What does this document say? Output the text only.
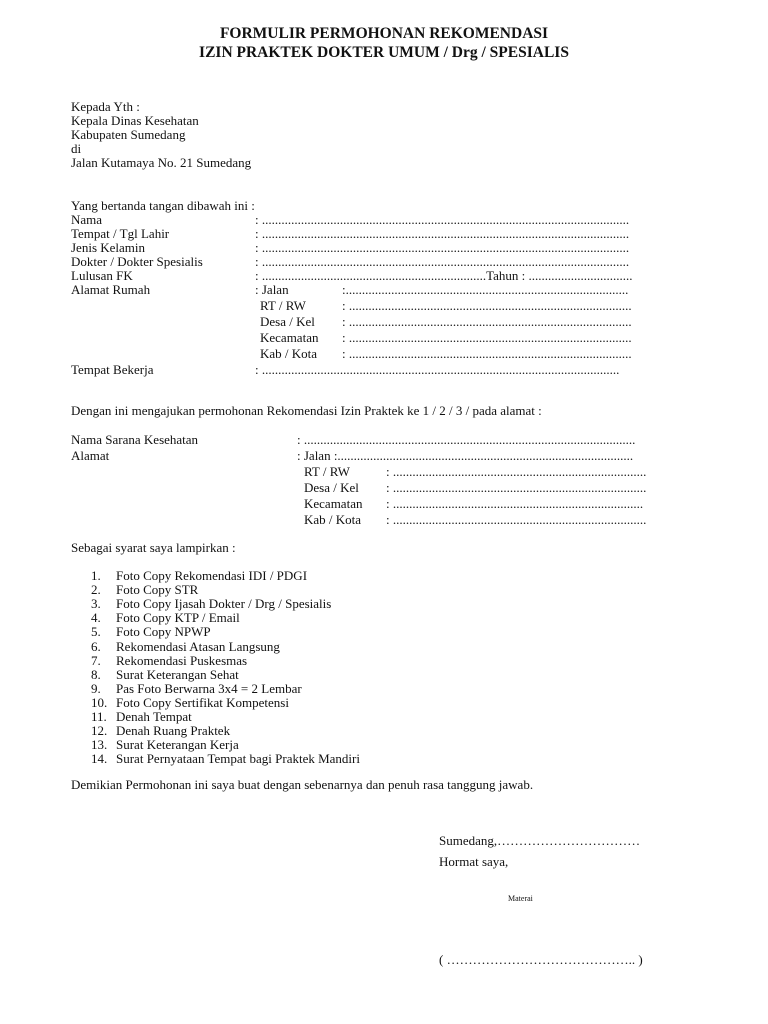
FORMULIR PERMOHONAN REKOMENDASI
IZIN PRAKTEK DOKTER UMUM / Drg / SPESIALIS
Kepada Yth :
Kepala Dinas Kesehatan
Kabupaten Sumedang
di
Jalan Kutamaya No. 21 Sumedang
Yang bertanda tangan dibawah ini :
Nama	: .................................................................................................................
Tempat / Tgl Lahir	: .................................................................................................................
Jenis Kelamin	: .................................................................................................................
Dokter / Dokter Spesialis	: .................................................................................................................
Lulusan FK	: .....................................................................Tahun : ................................
Alamat Rumah	: Jalan	:.......................................................................................
RT / RW	: .......................................................................................
Desa / Kel : .......................................................................................
Kecamatan : .......................................................................................
Kab / Kota : .......................................................................................
Tempat Bekerja	: ..............................................................................................................
Dengan ini mengajukan permohonan Rekomendasi Izin Praktek ke 1 / 2 / 3 / pada alamat :
Nama Sarana Kesehatan	: ......................................................................................................
Alamat	: Jalan :...........................................................................................
RT / RW	: ..............................................................................
Desa / Kel : ..............................................................................
Kecamatan : .............................................................................
Kab / Kota : ..............................................................................
Sebagai syarat saya lampirkan :
1. Foto Copy Rekomendasi IDI / PDGI
2. Foto Copy STR
3. Foto Copy Ijasah Dokter / Drg / Spesialis
4. Foto Copy KTP / Email
5. Foto Copy NPWP
6. Rekomendasi Atasan Langsung
7. Rekomendasi Puskesmas
8. Surat Keterangan Sehat
9. Pas Foto Berwarna 3x4 = 2 Lembar
10. Foto Copy Sertifikat Kompetensi
11. Denah Tempat
12. Denah Ruang Praktek
13. Surat Keterangan Kerja
14. Surat Pernyataan Tempat bagi Praktek Mandiri
Demikian Permohonan ini saya buat dengan sebenarnya dan penuh rasa tanggung jawab.
Sumedang,……………………………
Hormat saya,
Materai
( …………………………………….. )
